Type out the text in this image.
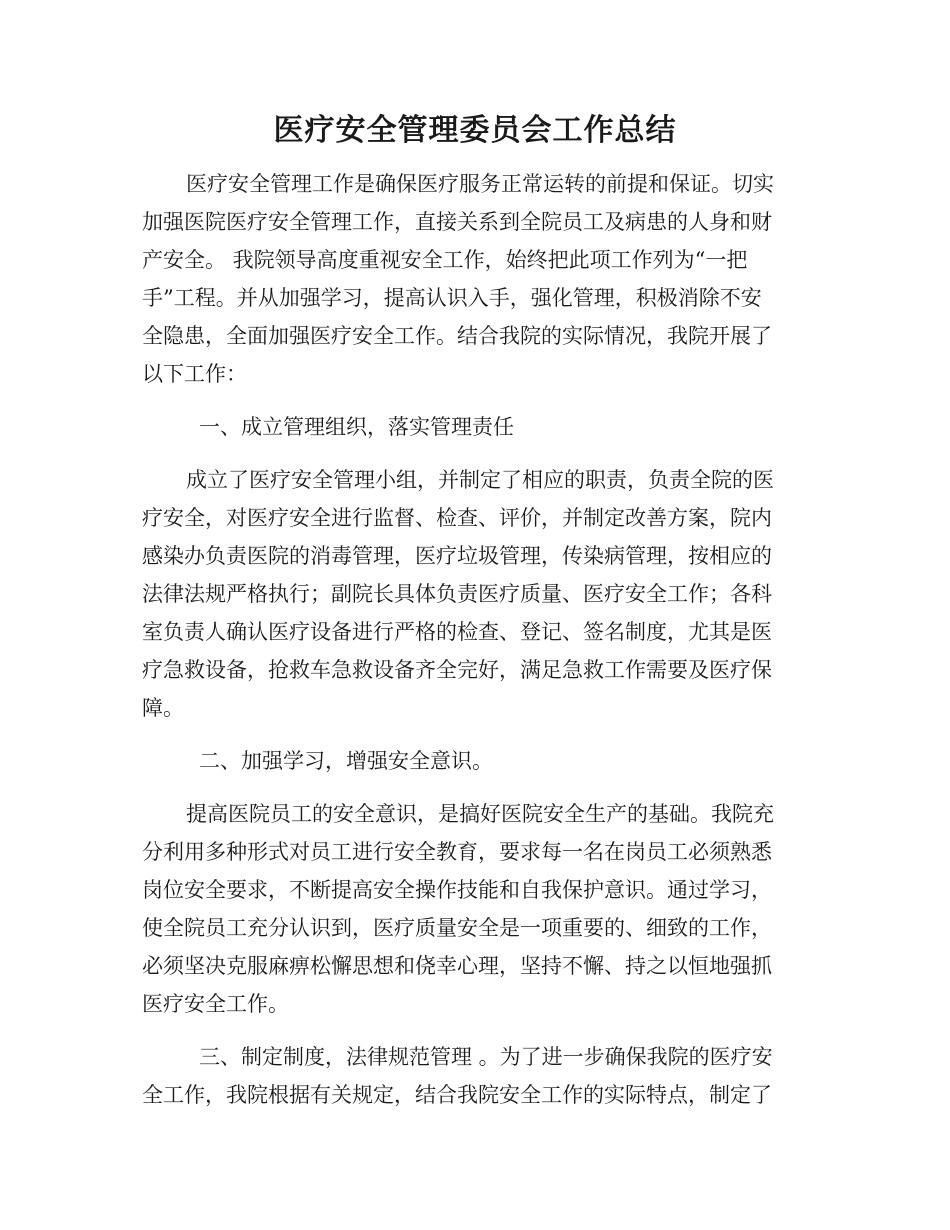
医疗安全管理委员会工作总结
医疗安全管理工作是确保医疗服务正常运转的前提和保证。切实
加强医院医疗安全管理工作，直接关系到全院员工及病患的人身和财
产安全。 我院领导高度重视安全工作，始终把此项工作列为“一把
手”工程。并从加强学习，提高认识入手，强化管理，积极消除不安
全隐患，全面加强医疗安全工作。结合我院的实际情况，我院开展了
以下工作：
一、成立管理组织，落实管理责任
成立了医疗安全管理小组，并制定了相应的职责，负责全院的医
疗安全，对医疗安全进行监督、检查、评价，并制定改善方案，院内
感染办负责医院的消毒管理，医疗垃圾管理，传染病管理，按相应的
法律法规严格执行；副院长具体负责医疗质量、医疗安全工作；各科
室负责人确认医疗设备进行严格的检查、登记、签名制度，尤其是医
疗急救设备，抢救车急救设备齐全完好，满足急救工作需要及医疗保
障。
二、加强学习，增强安全意识。
提高医院员工的安全意识，是搞好医院安全生产的基础。我院充
分利用多种形式对员工进行安全教育，要求每一名在岗员工必须熟悉
岗位安全要求，不断提高安全操作技能和自我保护意识。通过学习，
使全院员工充分认识到，医疗质量安全是一项重要的、细致的工作，
必须坚决克服麻痹松懈思想和侥幸心理，坚持不懈、持之以恒地强抓
医疗安全工作。
三、制定制度，法律规范管理 。为了进一步确保我院的医疗安
全工作，我院根据有关规定，结合我院安全工作的实际特点，制定了
